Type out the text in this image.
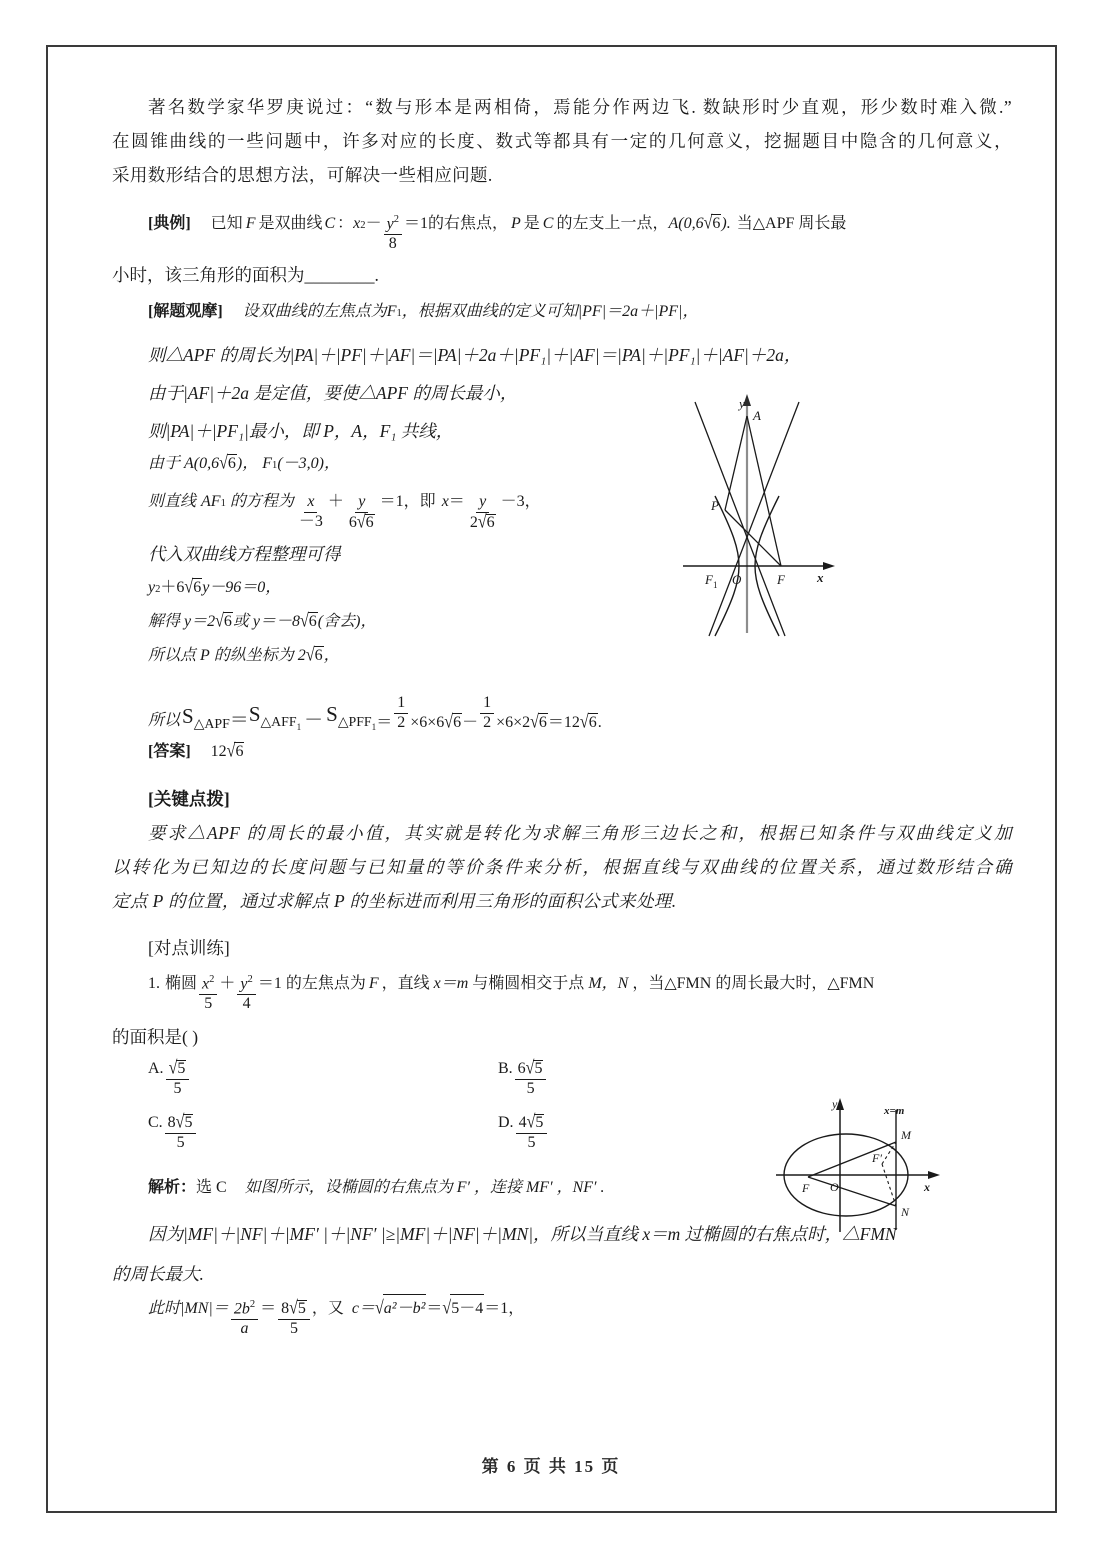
著名数学家华罗庚说过：“数与形本是两相倚，焉能分作两边飞. 数缺形时少直观，形少数时难入微.”
在圆锥曲线的一些问题中，许多对应的长度、数式等都具有一定的几何意义，挖掘题目中隐含的几何意义，
采用数形结合的思想方法，可解决一些相应问题.
[典例] 已知 F 是双曲线 C ： x $2 - \frac{y^2}{8} =1$ 的右焦点， P 是 C 的左支上一点， A(0,6 √6 ). 当△APF 周长最
小时，该三角形的面积为________.
y
A
P
O	F
F 1	x
[解题观摩] 设双曲线的左焦点为 F 1 ，根据双曲线的定义可知|PF|＝2a＋|PF |，
则△APF 的周长为|PA|＋|PF|＋|AF|＝|PA|＋2a＋|PF₁|＋|AF|＝|PA|＋|PF₁|＋|AF|＋2a，
由于|AF|＋2a 是定值，要使△APF 的周长最小，
则|PA|＋|PF₁|最小，即 P，A，F₁ 共线，
由于 A(0,6 √6 )， F 1 (－3,0)，
则直线 AF 1 的方程为 $\frac{x}{-3} + \frac{y}{6√6} =1$，即 $x = \frac{y}{2√6} -3$，
代入双曲线方程整理可得
y 2 ＋6 √6 y－96＝0，
解得 y＝2 √6 或 y＝－8 √6 (舍去)，
所以点 P 的纵坐标为 2 √6 ，
所以 $S_{\triangle APF} = S_{\triangle AFF_1} - S_{\triangle PFF_1} = \frac{1}{2} \times 6\times 6$ $√6 - \frac{1}{2} \times 6\times 2$ √6 ＝12 √6 .
[答案] 12 √6
[关键点拨]
要求△APF 的周长的最小值，其实就是转化为求解三角形三边长之和，根据已知条件与双曲线定义加
以转化为已知边的长度问题与已知量的等价条件来分析，根据直线与双曲线的位置关系，通过数形结合确
定点 P 的位置，通过求解点 P 的坐标进而利用三角形的面积公式来处理.
[对点训练]
1. 椭圆 $\frac{x^2}{5} + \frac{y^2}{4} =1$ 的左焦点为 F ，直线 x＝m 与椭圆相交于点 M，N ，当△FMN 的周长最大时，△FMN
的面积是( )
y
x
x=m
M
N
F O
F′
A. $\frac{√5}{5}$	B. $\frac{6√5}{5}$
C. $\frac{8√5}{5}$	D. $\frac{4√5}{5}$
解析： 选 C	如图所示，设椭圆的右焦点为 F′ ，连接 MF′ ，NF′ .
因为|MF|＋|NF|＋|MF′ |＋|NF′ |≥|MF|＋|NF|＋|MN|，所以当直线 x＝m 过椭圆的右焦点时，△FMN
的周长最大.
此时$|MN|= \frac{2b^2}{a} = \frac{8√5}{5}$ ，又 c＝ √a²－b² ＝ √5－4 ＝1，
第 6 页 共 15 页
